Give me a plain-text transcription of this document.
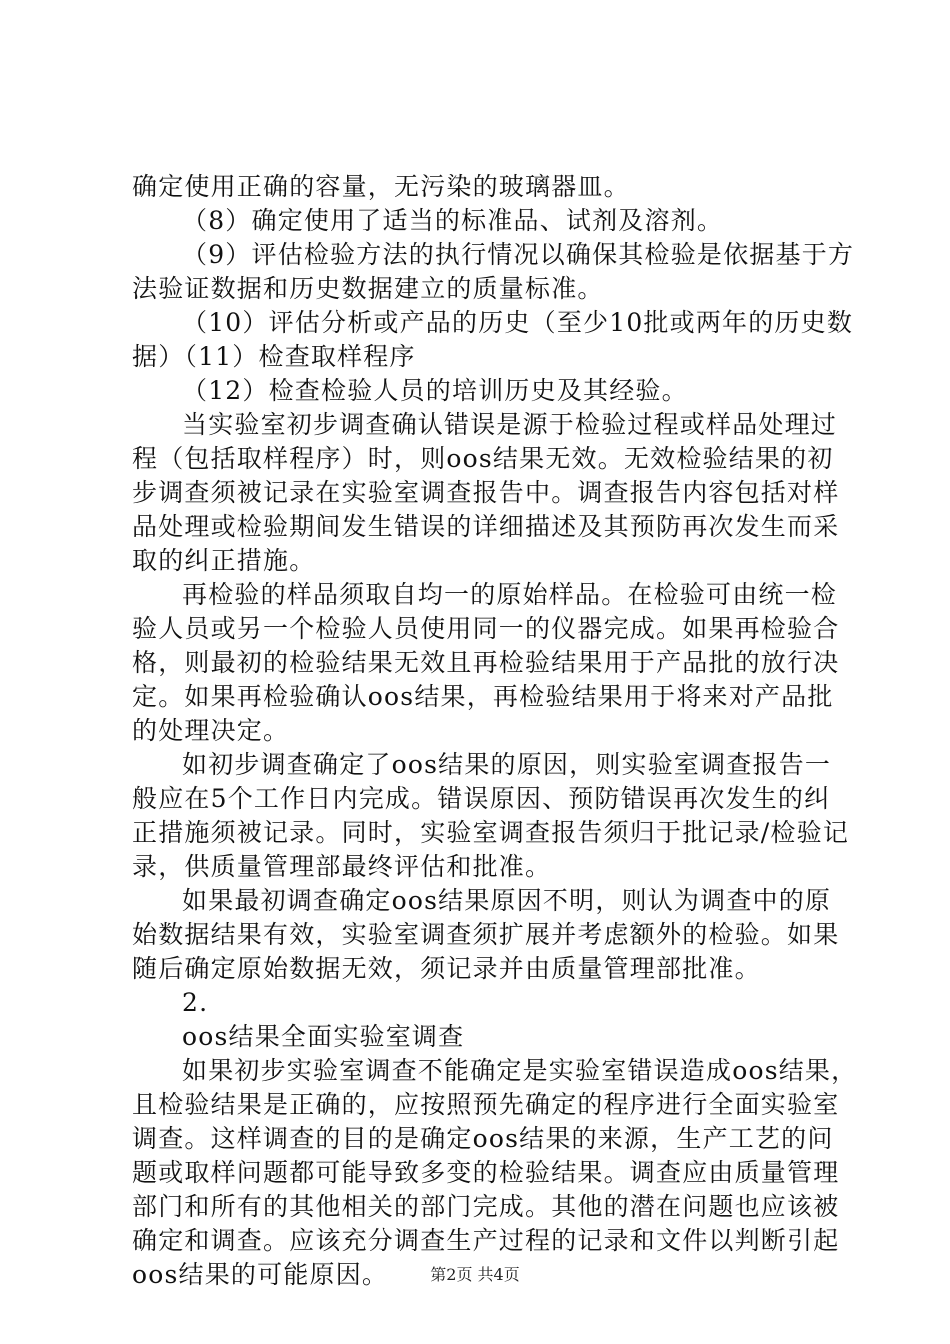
确定使用正确的容量，无污染的玻璃器皿。
（8）确定使用了适当的标准品、试剂及溶剂。
（9）评估检验方法的执行情况以确保其检验是依据基于方
法验证数据和历史数据建立的质量标准。
（10）评估分析或产品的历史（至少10批或两年的历史数
据）（11）检查取样程序
（12）检查检验人员的培训历史及其经验。
当实验室初步调查确认错误是源于检验过程或样品处理过
程（包括取样程序）时，则oos结果无效。无效检验结果的初
步调查须被记录在实验室调查报告中。调查报告内容包括对样
品处理或检验期间发生错误的详细描述及其预防再次发生而采
取的纠正措施。
再检验的样品须取自均一的原始样品。在检验可由统一检
验人员或另一个检验人员使用同一的仪器完成。如果再检验合
格，则最初的检验结果无效且再检验结果用于产品批的放行决
定。如果再检验确认oos结果，再检验结果用于将来对产品批
的处理决定。
如初步调查确定了oos结果的原因，则实验室调查报告一
般应在5个工作日内完成。错误原因、预防错误再次发生的纠
正措施须被记录。同时，实验室调查报告须归于批记录/检验记
录，供质量管理部最终评估和批准。
如果最初调查确定oos结果原因不明，则认为调查中的原
始数据结果有效，实验室调查须扩展并考虑额外的检验。如果
随后确定原始数据无效，须记录并由质量管理部批准。
2.
oos结果全面实验室调查
如果初步实验室调查不能确定是实验室错误造成oos结果，
且检验结果是正确的，应按照预先确定的程序进行全面实验室
调查。这样调查的目的是确定oos结果的来源，生产工艺的问
题或取样问题都可能导致多变的检验结果。调查应由质量管理
部门和所有的其他相关的部门完成。其他的潜在问题也应该被
确定和调查。应该充分调查生产过程的记录和文件以判断引起
oos结果的可能原因。	第2页 共4页
